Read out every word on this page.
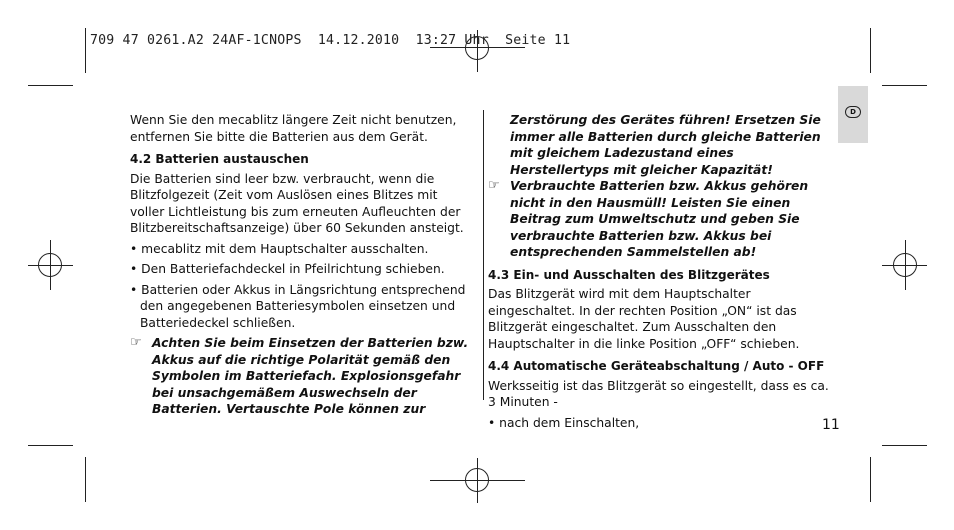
709 47 0261.A2 24AF-1CNOPS  14.12.2010  13:27 Uhr  Seite 11
D

Wenn Sie den mecablitz längere Zeit nicht benutzen, entfernen Sie bitte die Batterien aus dem Gerät.

4.2 Batterien austauschen

Die Batterien sind leer bzw. verbraucht, wenn die Blitzfolgezeit (Zeit vom Auslösen eines Blitzes mit voller Lichtleistung bis zum erneuten Aufleuchten der Blitzbereitschaftsanzeige) über 60 Sekunden ansteigt.

• mecablitz mit dem Hauptschalter ausschalten.

• Den Batteriefachdeckel in Pfeilrichtung schieben.

• Batterien oder Akkus in Längsrichtung entsprechend den angegebenen Batteriesymbolen einsetzen und Batteriedeckel schließen.

☞ Achten Sie beim Einsetzen der Batterien bzw. Akkus auf die richtige Polarität gemäß den Symbolen im Batteriefach. Explosionsgefahr bei unsachgemäßem Auswechseln der Batterien. Vertauschte Pole können zur

Zerstörung des Gerätes führen! Ersetzen Sie immer alle Batterien durch gleiche Batterien mit gleichem Ladezustand eines Herstellertyps mit gleicher Kapazität!

☞ Verbrauchte Batterien bzw. Akkus gehören nicht in den Hausmüll! Leisten Sie einen Beitrag zum Umweltschutz und geben Sie verbrauchte Batterien bzw. Akkus bei entsprechenden Sammelstellen ab!

4.3 Ein- und Ausschalten des Blitzgerätes

Das Blitzgerät wird mit dem Hauptschalter eingeschaltet. In der rechten Position „ON“ ist das Blitzgerät eingeschaltet. Zum Ausschalten den Hauptschalter in die linke Position „OFF“ schieben.

4.4 Automatische Geräteabschaltung / Auto - OFF

Werksseitig ist das Blitzgerät so eingestellt, dass es ca. 3 Minuten -

• nach dem Einschalten,	11
